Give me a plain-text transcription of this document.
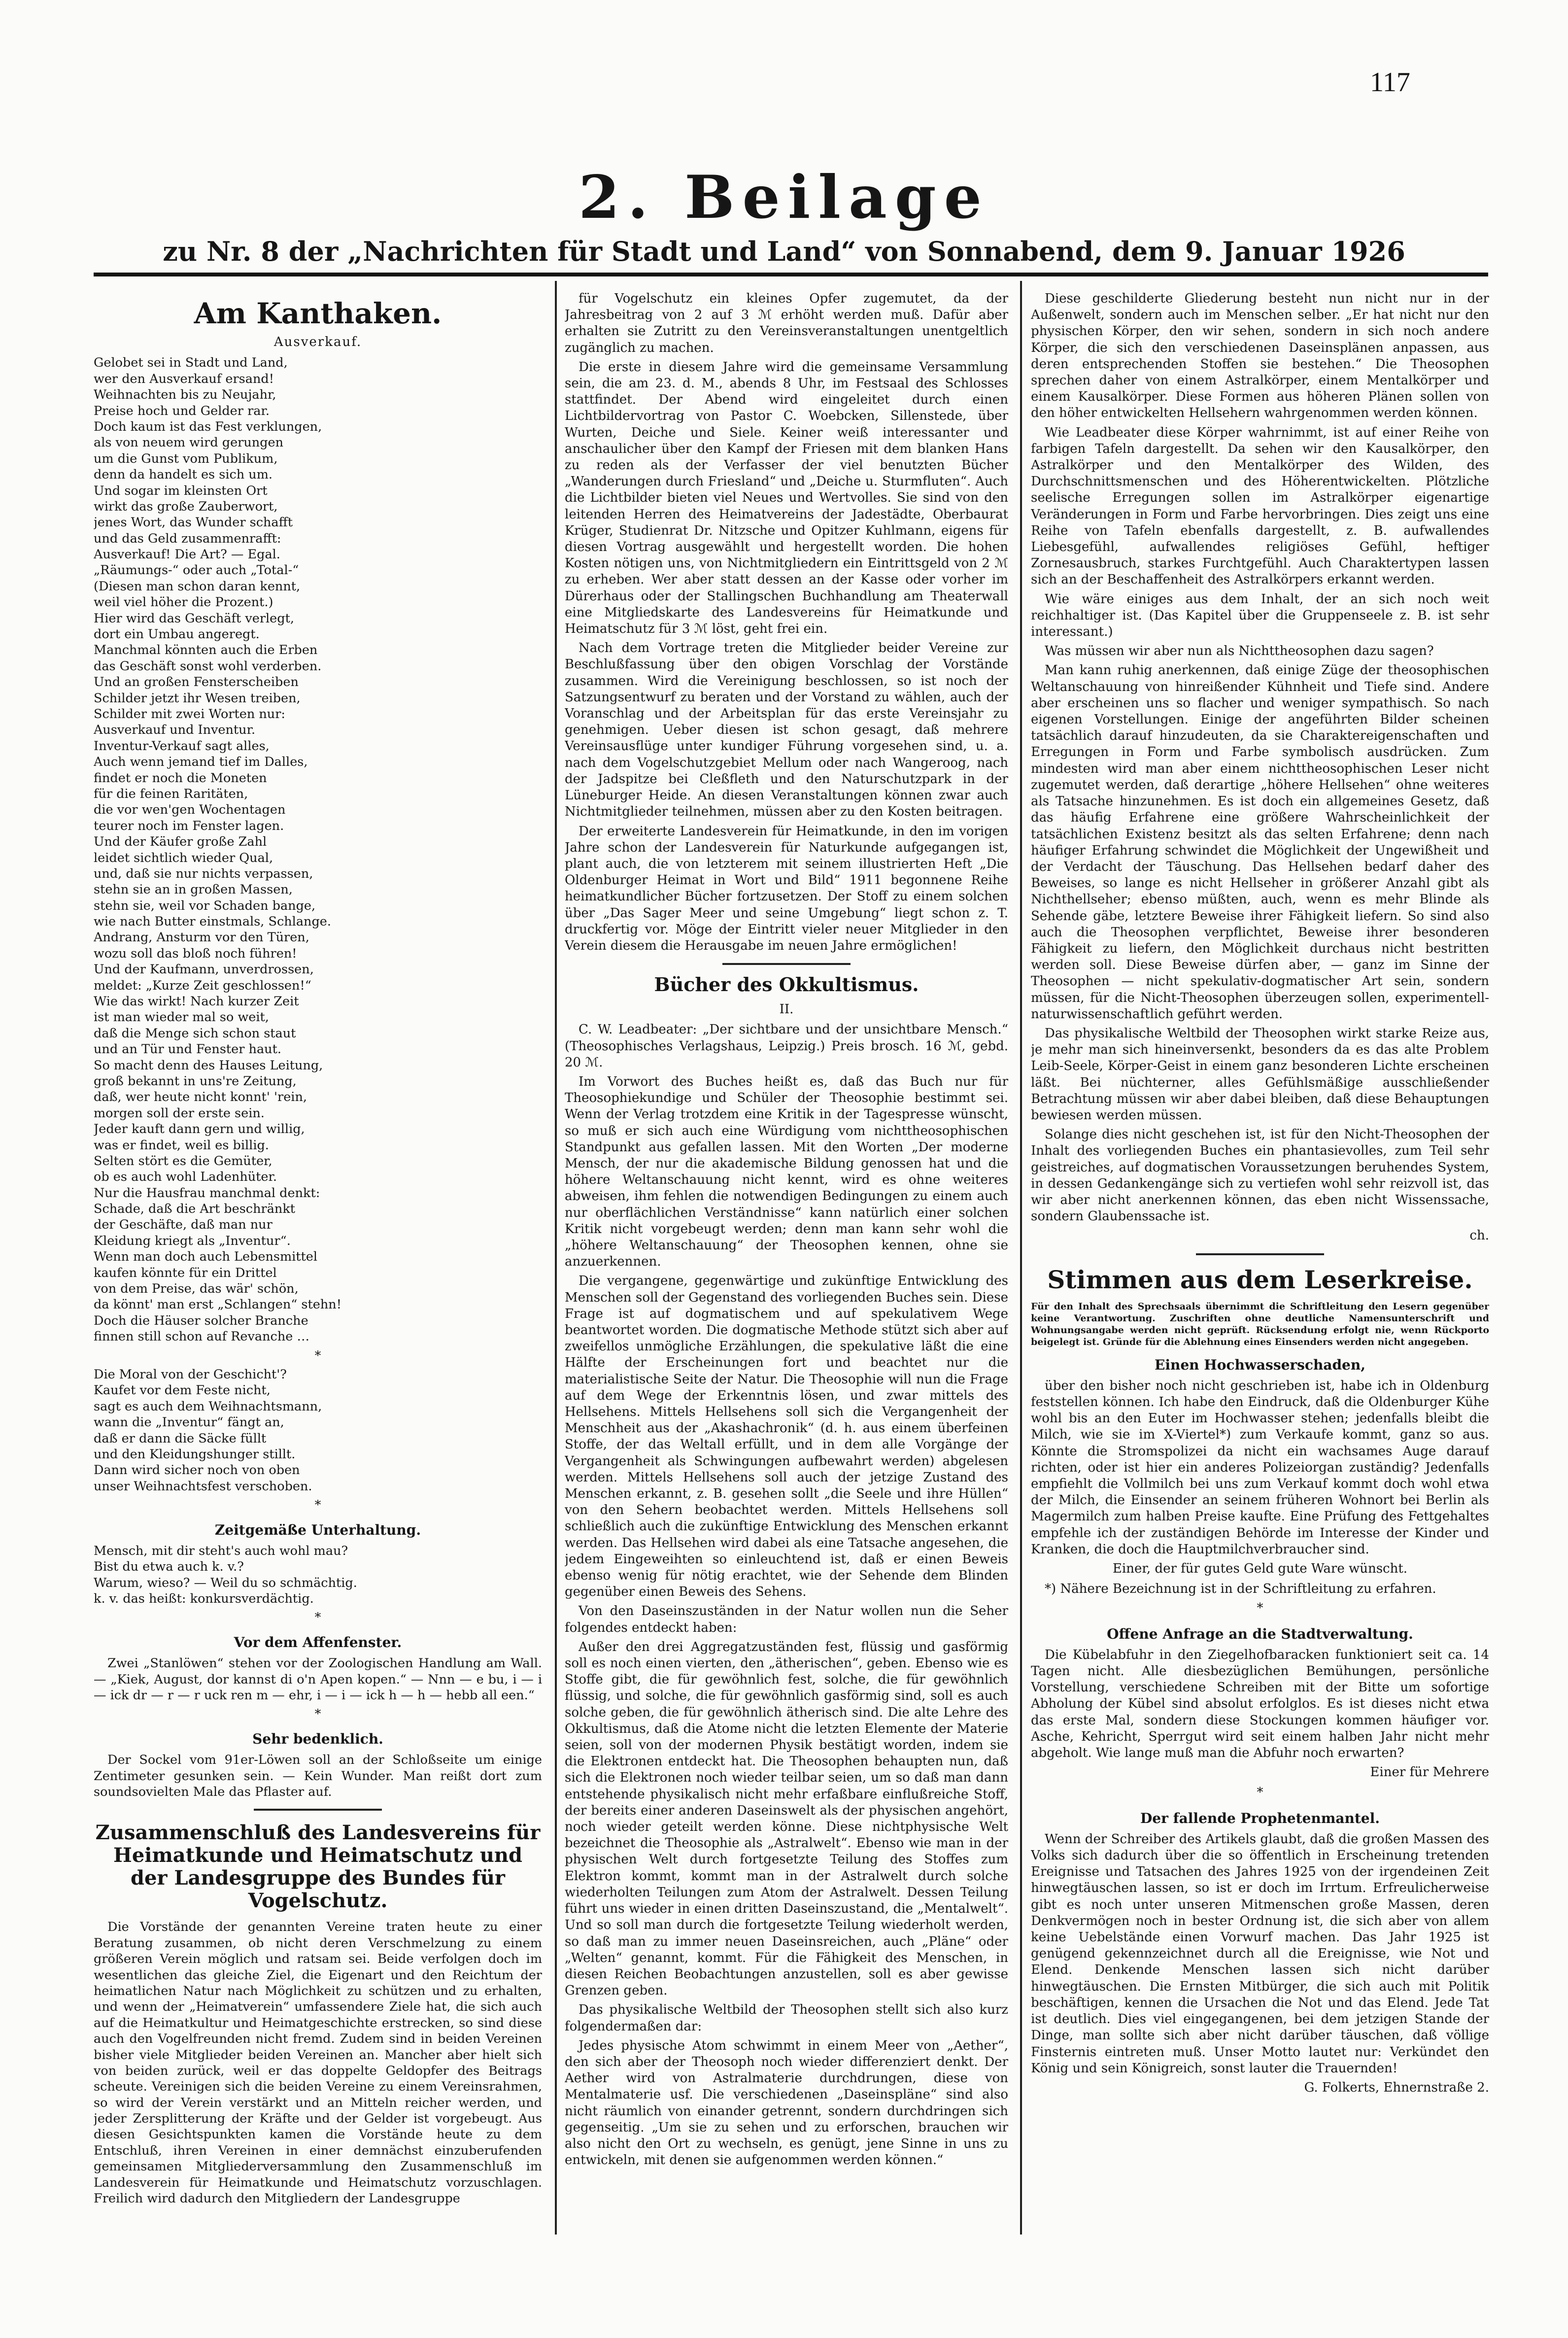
117
2. Beilage
zu Nr. 8 der „Nachrichten für Stadt und Land“ von Sonnabend, dem 9. Januar 1926
Am Kanthaken.
Ausverkauf.
Gelobet sei in Stadt und Land,
wer den Ausverkauf ersand!
Weihnachten bis zu Neujahr,
Preise hoch und Gelder rar.
Doch kaum ist das Fest verklungen,
als von neuem wird gerungen
um die Gunst vom Publikum,
denn da handelt es sich um.
Und sogar im kleinsten Ort
wirkt das große Zauberwort,
jenes Wort, das Wunder schafft
und das Geld zusammenrafft:
Ausverkauf! Die Art? — Egal.
„Räumungs-“ oder auch „Total-“
(Diesen man schon daran kennt,
weil viel höher die Prozent.)
Hier wird das Geschäft verlegt,
dort ein Umbau angeregt.
Manchmal könnten auch die Erben
das Geschäft sonst wohl verderben.
Und an großen Fensterscheiben
Schilder jetzt ihr Wesen treiben,
Schilder mit zwei Worten nur:
Ausverkauf und Inventur.
Inventur-Verkauf sagt alles,
Auch wenn jemand tief im Dalles,
findet er noch die Moneten
für die feinen Raritäten,
die vor wen'gen Wochentagen
teurer noch im Fenster lagen.
Und der Käufer große Zahl
leidet sichtlich wieder Qual,
und, daß sie nur nichts verpassen,
stehn sie an in großen Massen,
stehn sie, weil vor Schaden bange,
wie nach Butter einstmals, Schlange.
Andrang, Ansturm vor den Türen,
wozu soll das bloß noch führen!
Und der Kaufmann, unverdrossen,
meldet: „Kurze Zeit geschlossen!“
Wie das wirkt! Nach kurzer Zeit
ist man wieder mal so weit,
daß die Menge sich schon staut
und an Tür und Fenster haut.
So macht denn des Hauses Leitung,
groß bekannt in uns're Zeitung,
daß, wer heute nicht konnt' 'rein,
morgen soll der erste sein.
Jeder kauft dann gern und willig,
was er findet, weil es billig.
Selten stört es die Gemüter,
ob es auch wohl Ladenhüter.
Nur die Hausfrau manchmal denkt:
Schade, daß die Art beschränkt
der Geschäfte, daß man nur
Kleidung kriegt als „Inventur“.
Wenn man doch auch Lebensmittel
kaufen könnte für ein Drittel
von dem Preise, das wär' schön,
da könnt' man erst „Schlangen“ stehn!
Doch die Häuser solcher Branche
finnen still schon auf Revanche …
*
Die Moral von der Geschicht'?
Kaufet vor dem Feste nicht,
sagt es auch dem Weihnachtsmann,
wann die „Inventur“ fängt an,
daß er dann die Säcke füllt
und den Kleidungshunger stillt.
Dann wird sicher noch von oben
unser Weihnachtsfest verschoben.
*
Zeitgemäße Unterhaltung.
Mensch, mit dir steht's auch wohl mau?
Bist du etwa auch k. v.?
Warum, wieso? — Weil du so schmächtig.
k. v. das heißt: konkursverdächtig.
*
Vor dem Affenfenster.

Zwei „Stanlöwen“ stehen vor der Zoologischen Handlung am Wall. — „Kiek, August, dor kannst di o'n Apen kopen.“ — Nnn — e bu, i — i — ick dr — r — r uck ren m — ehr, i — i — ick h — h — hebb all een.“

*
Sehr bedenklich.

Der Sockel vom 91er-Löwen soll an der Schloßseite um einige Zentimeter gesunken sein. — Kein Wunder. Man reißt dort zum soundsovielten Male das Pflaster auf.

Zusammenschluß des Landesvereins für Heimatkunde und Heimatschutz und der Landesgruppe des Bundes für Vogelschutz.

Die Vorstände der genannten Vereine traten heute zu einer Beratung zusammen, ob nicht deren Verschmelzung zu einem größeren Verein möglich und ratsam sei. Beide verfolgen doch im wesentlichen das gleiche Ziel, die Eigenart und den Reichtum der heimatlichen Natur nach Möglichkeit zu schützen und zu erhalten, und wenn der „Heimatverein“ umfassendere Ziele hat, die sich auch auf die Heimatkultur und Heimatgeschichte erstrecken, so sind diese auch den Vogelfreunden nicht fremd. Zudem sind in beiden Vereinen bisher viele Mitglieder beiden Vereinen an. Mancher aber hielt sich von beiden zurück, weil er das doppelte Geldopfer des Beitrags scheute. Vereinigen sich die beiden Vereine zu einem Vereinsrahmen, so wird der Verein verstärkt und an Mitteln reicher werden, und jeder Zersplitterung der Kräfte und der Gelder ist vorgebeugt. Aus diesen Gesichtspunkten kamen die Vorstände heute zu dem Entschluß, ihren Vereinen in einer demnächst einzuberufenden gemeinsamen Mitgliederversammlung den Zusammenschluß im Landesverein für Heimatkunde und Heimatschutz vorzuschlagen. Freilich wird dadurch den Mitgliedern der Landesgruppe

für Vogelschutz ein kleines Opfer zugemutet, da der Jahresbeitrag von 2 auf 3 ℳ erhöht werden muß. Dafür aber erhalten sie Zutritt zu den Vereinsveranstaltungen unentgeltlich zugänglich zu machen.

Die erste in diesem Jahre wird die gemeinsame Versammlung sein, die am 23. d. M., abends 8 Uhr, im Festsaal des Schlosses stattfindet. Der Abend wird eingeleitet durch einen Lichtbildervortrag von Pastor C. Woebcken, Sillenstede, über Wurten, Deiche und Siele. Keiner weiß interessanter und anschaulicher über den Kampf der Friesen mit dem blanken Hans zu reden als der Verfasser der viel benutzten Bücher „Wanderungen durch Friesland“ und „Deiche u. Sturmfluten“. Auch die Lichtbilder bieten viel Neues und Wertvolles. Sie sind von den leitenden Herren des Heimatvereins der Jadestädte, Oberbaurat Krüger, Studienrat Dr. Nitzsche und Opitzer Kuhlmann, eigens für diesen Vortrag ausgewählt und hergestellt worden. Die hohen Kosten nötigen uns, von Nichtmitgliedern ein Eintrittsgeld von 2 ℳ zu erheben. Wer aber statt dessen an der Kasse oder vorher im Dürerhaus oder der Stallingschen Buchhandlung am Theaterwall eine Mitgliedskarte des Landesvereins für Heimatkunde und Heimatschutz für 3 ℳ löst, geht frei ein.

Nach dem Vortrage treten die Mitglieder beider Vereine zur Beschlußfassung über den obigen Vorschlag der Vorstände zusammen. Wird die Vereinigung beschlossen, so ist noch der Satzungsentwurf zu beraten und der Vorstand zu wählen, auch der Voranschlag und der Arbeitsplan für das erste Vereinsjahr zu genehmigen. Ueber diesen ist schon gesagt, daß mehrere Vereinsausflüge unter kundiger Führung vorgesehen sind, u. a. nach dem Vogelschutzgebiet Mellum oder nach Wangeroog, nach der Jadspitze bei Cleßfleth und den Naturschutzpark in der Lüneburger Heide. An diesen Veranstaltungen können zwar auch Nichtmitglieder teilnehmen, müssen aber zu den Kosten beitragen.

Der erweiterte Landesverein für Heimatkunde, in den im vorigen Jahre schon der Landesverein für Naturkunde aufgegangen ist, plant auch, die von letzterem mit seinem illustrierten Heft „Die Oldenburger Heimat in Wort und Bild“ 1911 begonnene Reihe heimatkundlicher Bücher fortzusetzen. Der Stoff zu einem solchen über „Das Sager Meer und seine Umgebung“ liegt schon z. T. druckfertig vor. Möge der Eintritt vieler neuer Mitglieder in den Verein diesem die Herausgabe im neuen Jahre ermöglichen!

Bücher des Okkultismus.
II.

C. W. Leadbeater: „Der sichtbare und der unsichtbare Mensch.“ (Theosophisches Verlagshaus, Leipzig.) Preis brosch. 16 ℳ, gebd. 20 ℳ.

Im Vorwort des Buches heißt es, daß das Buch nur für Theosophiekundige und Schüler der Theosophie bestimmt sei. Wenn der Verlag trotzdem eine Kritik in der Tagespresse wünscht, so muß er sich auch eine Würdigung vom nichttheosophischen Standpunkt aus gefallen lassen. Mit den Worten „Der moderne Mensch, der nur die akademische Bildung genossen hat und die höhere Weltanschauung nicht kennt, wird es ohne weiteres abweisen, ihm fehlen die notwendigen Bedingungen zu einem auch nur oberflächlichen Verständnisse“ kann natürlich einer solchen Kritik nicht vorgebeugt werden; denn man kann sehr wohl die „höhere Weltanschauung“ der Theosophen kennen, ohne sie anzuerkennen.

Die vergangene, gegenwärtige und zukünftige Entwicklung des Menschen soll der Gegenstand des vorliegenden Buches sein. Diese Frage ist auf dogmatischem und auf spekulativem Wege beantwortet worden. Die dogmatische Methode stützt sich aber auf zweifellos unmögliche Erzählungen, die spekulative läßt die eine Hälfte der Erscheinungen fort und beachtet nur die materialistische Seite der Natur. Die Theosophie will nun die Frage auf dem Wege der Erkenntnis lösen, und zwar mittels des Hellsehens. Mittels Hellsehens soll sich die Vergangenheit der Menschheit aus der „Akashachronik“ (d. h. aus einem überfeinen Stoffe, der das Weltall erfüllt, und in dem alle Vorgänge der Vergangenheit als Schwingungen aufbewahrt werden) abgelesen werden. Mittels Hellsehens soll auch der jetzige Zustand des Menschen erkannt, z. B. gesehen sollt „die Seele und ihre Hüllen“ von den Sehern beobachtet werden. Mittels Hellsehens soll schließlich auch die zukünftige Entwicklung des Menschen erkannt werden. Das Hellsehen wird dabei als eine Tatsache angesehen, die jedem Eingeweihten so einleuchtend ist, daß er einen Beweis ebenso wenig für nötig erachtet, wie der Sehende dem Blinden gegenüber einen Beweis des Sehens.

Von den Daseinszuständen in der Natur wollen nun die Seher folgendes entdeckt haben:

Außer den drei Aggregatzuständen fest, flüssig und gasförmig soll es noch einen vierten, den „ätherischen“, geben. Ebenso wie es Stoffe gibt, die für gewöhnlich fest, solche, die für gewöhnlich flüssig, und solche, die für gewöhnlich gasförmig sind, soll es auch solche geben, die für gewöhnlich ätherisch sind. Die alte Lehre des Okkultismus, daß die Atome nicht die letzten Elemente der Materie seien, soll von der modernen Physik bestätigt worden, indem sie die Elektronen entdeckt hat. Die Theosophen behaupten nun, daß sich die Elektronen noch wieder teilbar seien, um so daß man dann entstehende physikalisch nicht mehr erfaßbare einflußreiche Stoff, der bereits einer anderen Daseinswelt als der physischen angehört, noch wieder geteilt werden könne. Diese nichtphysische Welt bezeichnet die Theosophie als „Astralwelt“. Ebenso wie man in der physischen Welt durch fortgesetzte Teilung des Stoffes zum Elektron kommt, kommt man in der Astralwelt durch solche wiederholten Teilungen zum Atom der Astralwelt. Dessen Teilung führt uns wieder in einen dritten Daseinszustand, die „Mentalwelt“. Und so soll man durch die fortgesetzte Teilung wiederholt werden, so daß man zu immer neuen Daseinsreichen, auch „Pläne“ oder „Welten“ genannt, kommt. Für die Fähigkeit des Menschen, in diesen Reichen Beobachtungen anzustellen, soll es aber gewisse Grenzen geben.

Das physikalische Weltbild der Theosophen stellt sich also kurz folgendermaßen dar:

Jedes physische Atom schwimmt in einem Meer von „Aether“, den sich aber der Theosoph noch wieder differenziert denkt. Der Aether wird von Astralmaterie durchdrungen, diese von Mentalmaterie usf. Die verschiedenen „Daseinspläne“ sind also nicht räumlich von einander getrennt, sondern durchdringen sich gegenseitig. „Um sie zu sehen und zu erforschen, brauchen wir also nicht den Ort zu wechseln, es genügt, jene Sinne in uns zu entwickeln, mit denen sie aufgenommen werden können.“

Diese geschilderte Gliederung besteht nun nicht nur in der Außenwelt, sondern auch im Menschen selber. „Er hat nicht nur den physischen Körper, den wir sehen, sondern in sich noch andere Körper, die sich den verschiedenen Daseinsplänen anpassen, aus deren entsprechenden Stoffen sie bestehen.“ Die Theosophen sprechen daher von einem Astralkörper, einem Mentalkörper und einem Kausalkörper. Diese Formen aus höheren Plänen sollen von den höher entwickelten Hellsehern wahrgenommen werden können.

Wie Leadbeater diese Körper wahrnimmt, ist auf einer Reihe von farbigen Tafeln dargestellt. Da sehen wir den Kausalkörper, den Astralkörper und den Mentalkörper des Wilden, des Durchschnittsmenschen und des Höherentwickelten. Plötzliche seelische Erregungen sollen im Astralkörper eigenartige Veränderungen in Form und Farbe hervorbringen. Dies zeigt uns eine Reihe von Tafeln ebenfalls dargestellt, z. B. aufwallendes Liebesgefühl, aufwallendes religiöses Gefühl, heftiger Zornesausbruch, starkes Furchtgefühl. Auch Charaktertypen lassen sich an der Beschaffenheit des Astralkörpers erkannt werden.

Wie wäre einiges aus dem Inhalt, der an sich noch weit reichhaltiger ist. (Das Kapitel über die Gruppenseele z. B. ist sehr interessant.)

Was müssen wir aber nun als Nichttheosophen dazu sagen?

Man kann ruhig anerkennen, daß einige Züge der theosophischen Weltanschauung von hinreißender Kühnheit und Tiefe sind. Andere aber erscheinen uns so flacher und weniger sympathisch. So nach eigenen Vorstellungen. Einige der angeführten Bilder scheinen tatsächlich darauf hinzudeuten, da sie Charaktereigenschaften und Erregungen in Form und Farbe symbolisch ausdrücken. Zum mindesten wird man aber einem nichttheosophischen Leser nicht zugemutet werden, daß derartige „höhere Hellsehen“ ohne weiteres als Tatsache hinzunehmen. Es ist doch ein allgemeines Gesetz, daß das häufig Erfahrene eine größere Wahrscheinlichkeit der tatsächlichen Existenz besitzt als das selten Erfahrene; denn nach häufiger Erfahrung schwindet die Möglichkeit der Ungewißheit und der Verdacht der Täuschung. Das Hellsehen bedarf daher des Beweises, so lange es nicht Hellseher in größerer Anzahl gibt als Nichthellseher; ebenso müßten, auch, wenn es mehr Blinde als Sehende gäbe, letztere Beweise ihrer Fähigkeit liefern. So sind also auch die Theosophen verpflichtet, Beweise ihrer besonderen Fähigkeit zu liefern, den Möglichkeit durchaus nicht bestritten werden soll. Diese Beweise dürfen aber, — ganz im Sinne der Theosophen — nicht spekulativ-dogmatischer Art sein, sondern müssen, für die Nicht-Theosophen überzeugen sollen, experimentell-naturwissenschaftlich geführt werden.

Das physikalische Weltbild der Theosophen wirkt starke Reize aus, je mehr man sich hineinversenkt, besonders da es das alte Problem Leib-Seele, Körper-Geist in einem ganz besonderen Lichte erscheinen läßt. Bei nüchterner, alles Gefühlsmäßige ausschließender Betrachtung müssen wir aber dabei bleiben, daß diese Behauptungen bewiesen werden müssen.

Solange dies nicht geschehen ist, ist für den Nicht-Theosophen der Inhalt des vorliegenden Buches ein phantasievolles, zum Teil sehr geistreiches, auf dogmatischen Voraussetzungen beruhendes System, in dessen Gedankengänge sich zu vertiefen wohl sehr reizvoll ist, das wir aber nicht anerkennen können, das eben nicht Wissenssache, sondern Glaubenssache ist.

ch.
Stimmen aus dem Leserkreise.
Für den Inhalt des Sprechsaals übernimmt die Schriftleitung den Lesern gegenüber keine Verantwortung. Zuschriften ohne deutliche Namensunterschrift und Wohnungsangabe werden nicht geprüft. Rücksendung erfolgt nie, wenn Rückporto beigelegt ist. Gründe für die Ablehnung eines Einsenders werden nicht angegeben.
Einen Hochwasserschaden,

über den bisher noch nicht geschrieben ist, habe ich in Oldenburg feststellen können. Ich habe den Eindruck, daß die Oldenburger Kühe wohl bis an den Euter im Hochwasser stehen; jedenfalls bleibt die Milch, wie sie im X-Viertel*) zum Verkaufe kommt, ganz so aus. Könnte die Stromspolizei da nicht ein wachsames Auge darauf richten, oder ist hier ein anderes Polizeiorgan zuständig? Jedenfalls empfiehlt die Vollmilch bei uns zum Verkauf kommt doch wohl etwa der Milch, die Einsender an seinem früheren Wohnort bei Berlin als Magermilch zum halben Preise kaufte. Eine Prüfung des Fettgehaltes empfehle ich der zuständigen Behörde im Interesse der Kinder und Kranken, die doch die Hauptmilchverbraucher sind.

Einer, der für gutes Geld gute Ware wünscht.

*) Nähere Bezeichnung ist in der Schriftleitung zu erfahren.

*
Offene Anfrage an die Stadtverwaltung.

Die Kübelabfuhr in den Ziegelhofbaracken funktioniert seit ca. 14 Tagen nicht. Alle diesbezüglichen Bemühungen, persönliche Vorstellung, verschiedene Schreiben mit der Bitte um sofortige Abholung der Kübel sind absolut erfolglos. Es ist dieses nicht etwa das erste Mal, sondern diese Stockungen kommen häufiger vor. Asche, Kehricht, Sperrgut wird seit einem halben Jahr nicht mehr abgeholt. Wie lange muß man die Abfuhr noch erwarten?

Einer für Mehrere
*
Der fallende Prophetenmantel.

Wenn der Schreiber des Artikels glaubt, daß die großen Massen des Volks sich dadurch über die so öffentlich in Erscheinung tretenden Ereignisse und Tatsachen des Jahres 1925 von der irgendeinen Zeit hinwegtäuschen lassen, so ist er doch im Irrtum. Erfreulicherweise gibt es noch unter unseren Mitmenschen große Massen, deren Denkvermögen noch in bester Ordnung ist, die sich aber von allem keine Uebelstände einen Vorwurf machen. Das Jahr 1925 ist genügend gekennzeichnet durch all die Ereignisse, wie Not und Elend. Denkende Menschen lassen sich nicht darüber hinwegtäuschen. Die Ernsten Mitbürger, die sich auch mit Politik beschäftigen, kennen die Ursachen die Not und das Elend. Jede Tat ist deutlich. Dies viel eingegangenen, bei dem jetzigen Stande der Dinge, man sollte sich aber nicht darüber täuschen, daß völlige Finsternis eintreten muß. Unser Motto lautet nur: Verkündet den König und sein Königreich, sonst lauter die Trauernden!

G. Folkerts, Ehnernstraße 2.
